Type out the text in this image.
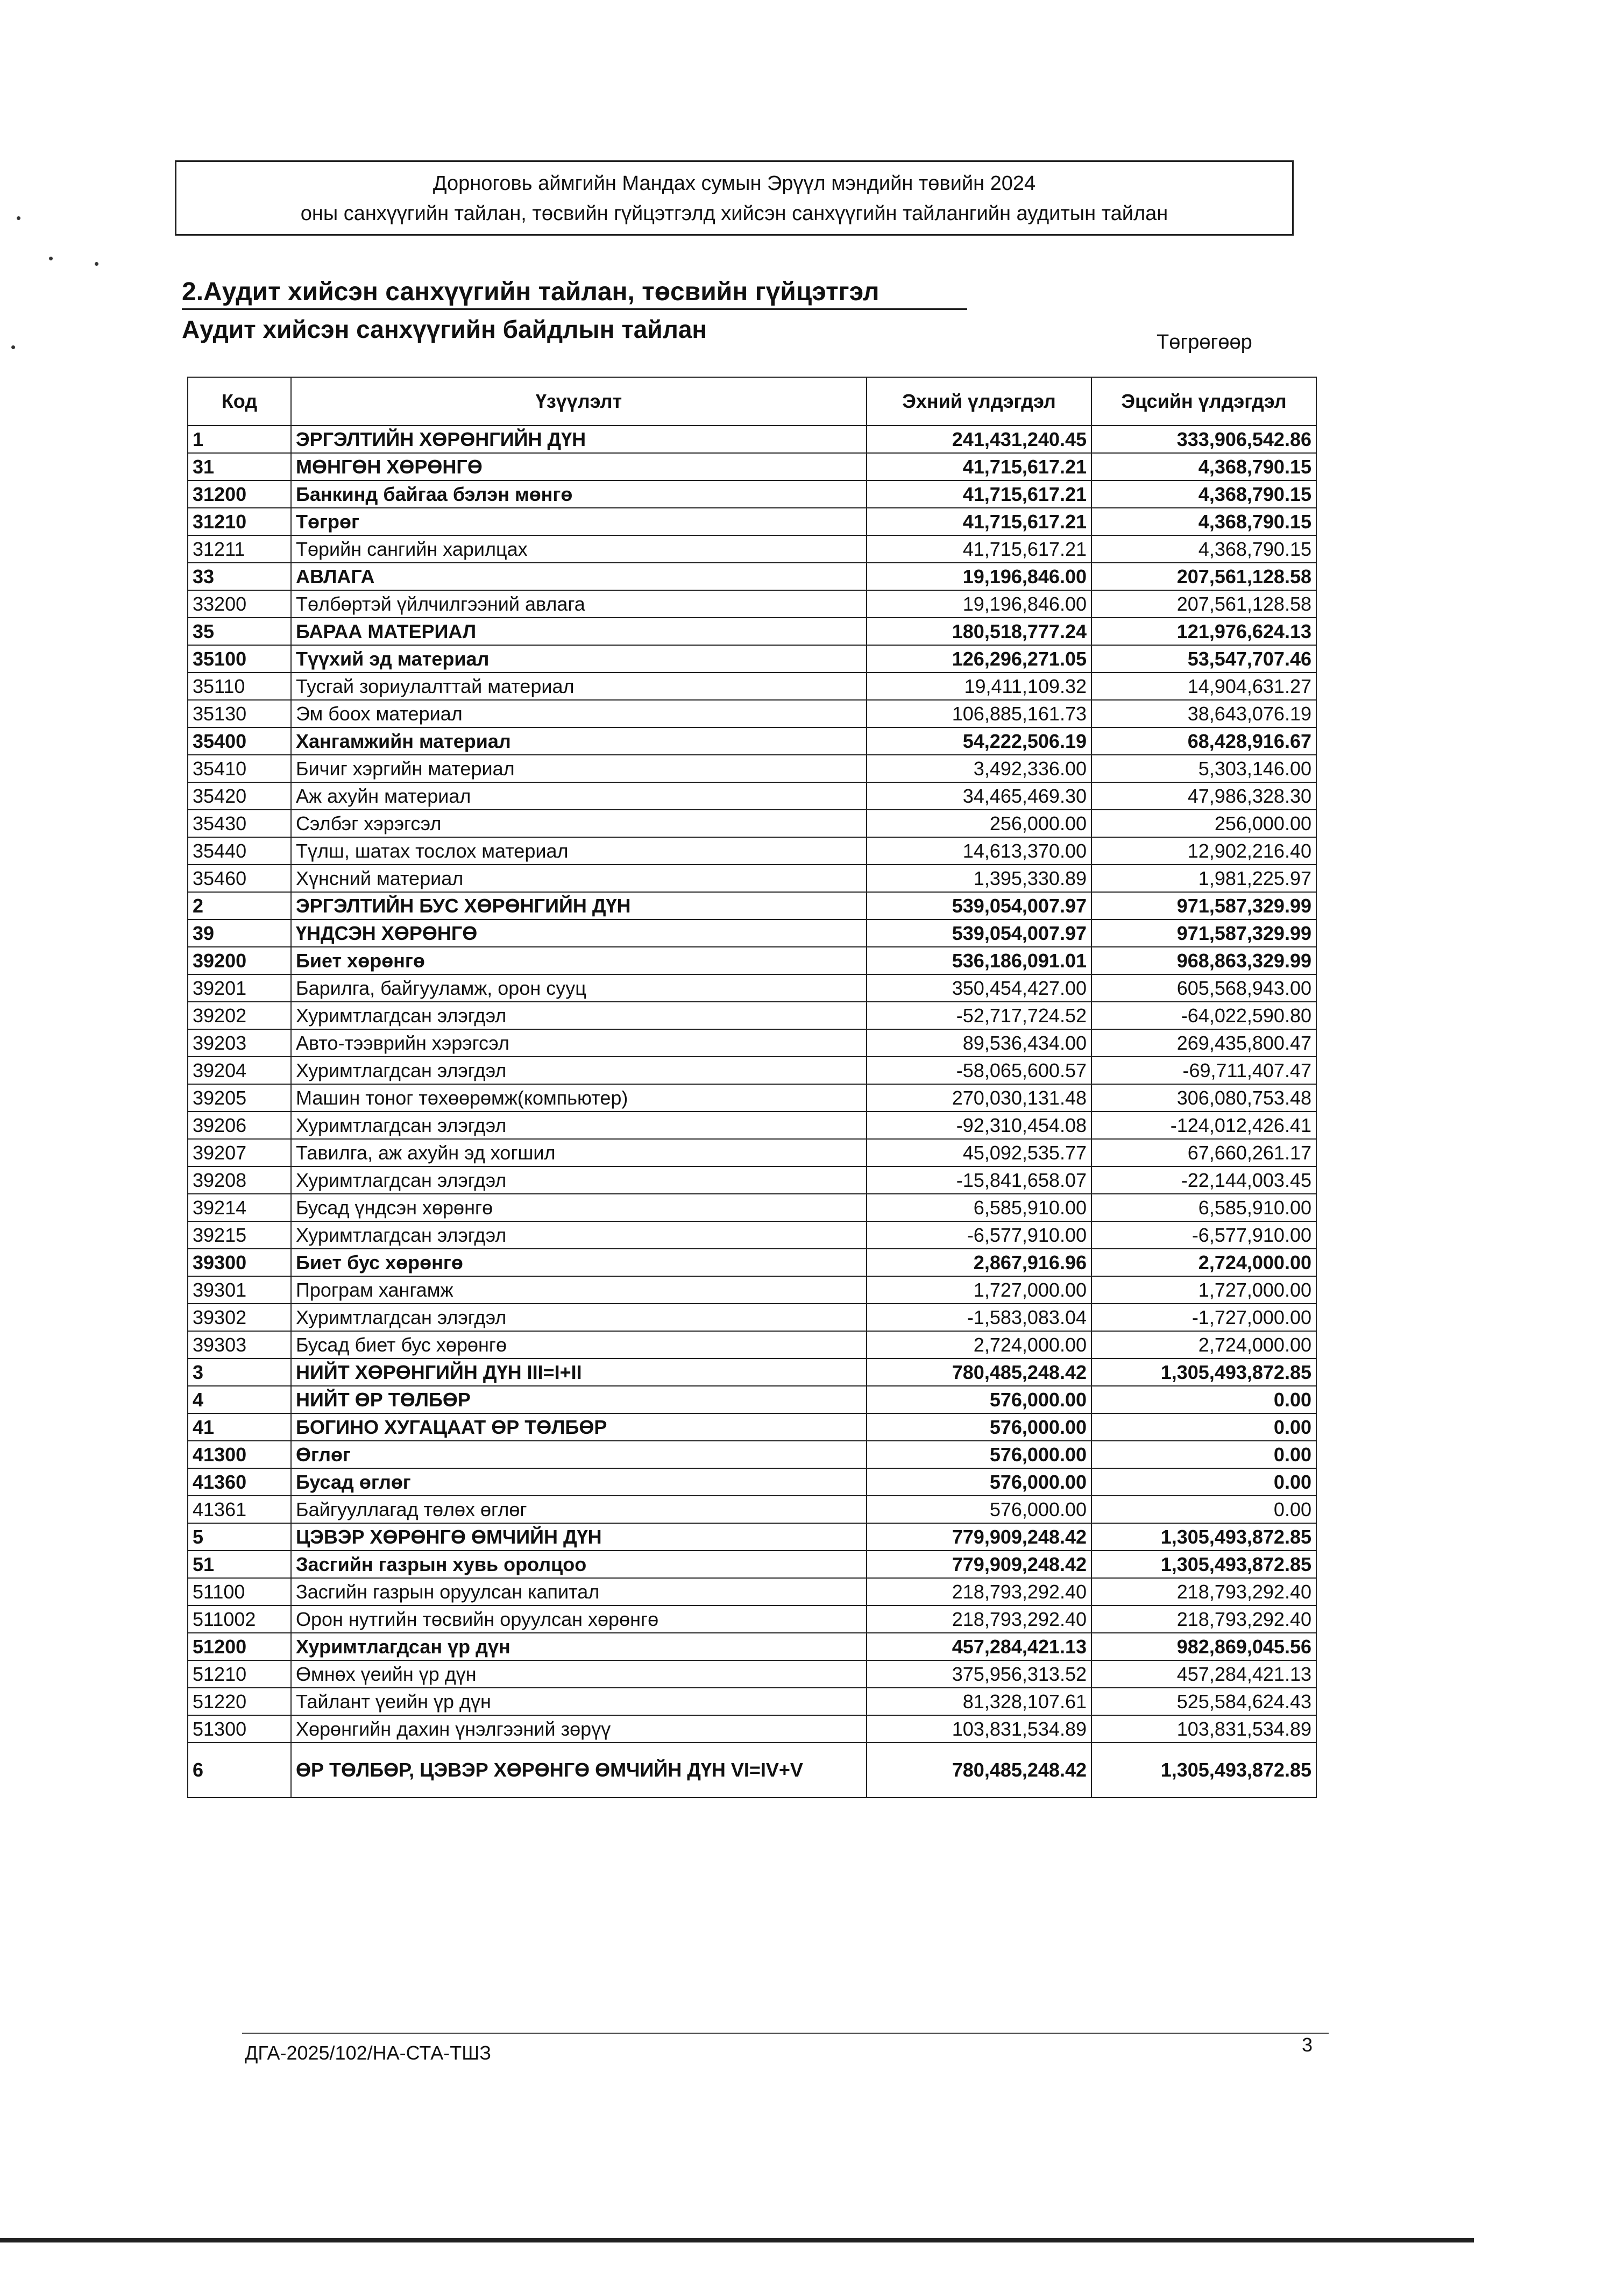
•
•	•
•
Дорноговь аймгийн Мандах сумын Эрүүл мэндийн төвийн 2024
оны санхүүгийн тайлан, төсвийн гүйцэтгэлд хийсэн санхүүгийн тайлангийн аудитын тайлан
2.Аудит хийсэн санхүүгийн тайлан, төсвийн гүйцэтгэл
Аудит хийсэн санхүүгийн байдлын тайлан	Төгрөгөөр
Код	Үзүүлэлт	Эхний үлдэгдэл	Эцсийн үлдэгдэл
1	ЭРГЭЛТИЙН ХӨРӨНГИЙН ДҮН	241,431,240.45	333,906,542.86
31	МӨНГӨН ХӨРӨНГӨ	41,715,617.21	4,368,790.15
31200	Банкинд байгаа бэлэн мөнгө	41,715,617.21	4,368,790.15
31210	Төгрөг	41,715,617.21	4,368,790.15
31211	Төрийн сангийн харилцах	41,715,617.21	4,368,790.15
33	АВЛАГА	19,196,846.00	207,561,128.58
33200	Төлбөртэй үйлчилгээний авлага	19,196,846.00	207,561,128.58
35	БАРАА МАТЕРИАЛ	180,518,777.24	121,976,624.13
35100	Түүхий эд материал	126,296,271.05	53,547,707.46
35110	Тусгай зориулалттай материал	19,411,109.32	14,904,631.27
35130	Эм боох материал	106,885,161.73	38,643,076.19
35400	Хангамжийн материал	54,222,506.19	68,428,916.67
35410	Бичиг хэргийн материал	3,492,336.00	5,303,146.00
35420	Аж ахуйн материал	34,465,469.30	47,986,328.30
35430	Сэлбэг хэрэгсэл	256,000.00	256,000.00
35440	Түлш, шатах тослох материал	14,613,370.00	12,902,216.40
35460	Хүнсний материал	1,395,330.89	1,981,225.97
2	ЭРГЭЛТИЙН БУС ХӨРӨНГИЙН ДҮН	539,054,007.97	971,587,329.99
39	ҮНДСЭН ХӨРӨНГӨ	539,054,007.97	971,587,329.99
39200	Биет хөрөнгө	536,186,091.01	968,863,329.99
39201	Барилга, байгууламж, орон сууц	350,454,427.00	605,568,943.00
39202	Хуримтлагдсан элэгдэл	-52,717,724.52	-64,022,590.80
39203	Авто-тээврийн хэрэгсэл	89,536,434.00	269,435,800.47
39204	Хуримтлагдсан элэгдэл	-58,065,600.57	-69,711,407.47
39205	Машин тоног төхөөрөмж(компьютер)	270,030,131.48	306,080,753.48
39206	Хуримтлагдсан элэгдэл	-92,310,454.08	-124,012,426.41
39207	Тавилга, аж ахуйн эд хогшил	45,092,535.77	67,660,261.17
39208	Хуримтлагдсан элэгдэл	-15,841,658.07	-22,144,003.45
39214	Бусад үндсэн хөрөнгө	6,585,910.00	6,585,910.00
39215	Хуримтлагдсан элэгдэл	-6,577,910.00	-6,577,910.00
39300	Биет бус хөрөнгө	2,867,916.96	2,724,000.00
39301	Програм хангамж	1,727,000.00	1,727,000.00
39302	Хуримтлагдсан элэгдэл	-1,583,083.04	-1,727,000.00
39303	Бусад биет бус хөрөнгө	2,724,000.00	2,724,000.00
3	НИЙТ ХӨРӨНГИЙН ДҮН III=I+II	780,485,248.42	1,305,493,872.85
4	НИЙТ ӨР ТӨЛБӨР	576,000.00	0.00
41	БОГИНО ХУГАЦААТ ӨР ТӨЛБӨР	576,000.00	0.00
41300	Өглөг	576,000.00	0.00
41360	Бусад өглөг	576,000.00	0.00
41361	Байгууллагад төлөх өглөг	576,000.00	0.00
5	ЦЭВЭР ХӨРӨНГӨ ӨМЧИЙН ДҮН	779,909,248.42	1,305,493,872.85
51	Засгийн газрын хувь оролцоо	779,909,248.42	1,305,493,872.85
51100	Засгийн газрын оруулсан капитал	218,793,292.40	218,793,292.40
511002	Орон нутгийн төсвийн оруулсан хөрөнгө	218,793,292.40	218,793,292.40
51200	Хуримтлагдсан үр дүн	457,284,421.13	982,869,045.56
51210	Өмнөх үеийн үр дүн	375,956,313.52	457,284,421.13
51220	Тайлант үеийн үр дүн	81,328,107.61	525,584,624.43
51300	Хөрөнгийн дахин үнэлгээний зөрүү	103,831,534.89	103,831,534.89
6	ӨР ТӨЛБӨР, ЦЭВЭР ХӨРӨНГӨ ӨМЧИЙН ДҮН VI=IV+V	780,485,248.42	1,305,493,872.85
ДГА-2025/102/НА-СТА-ТШЗ	3
